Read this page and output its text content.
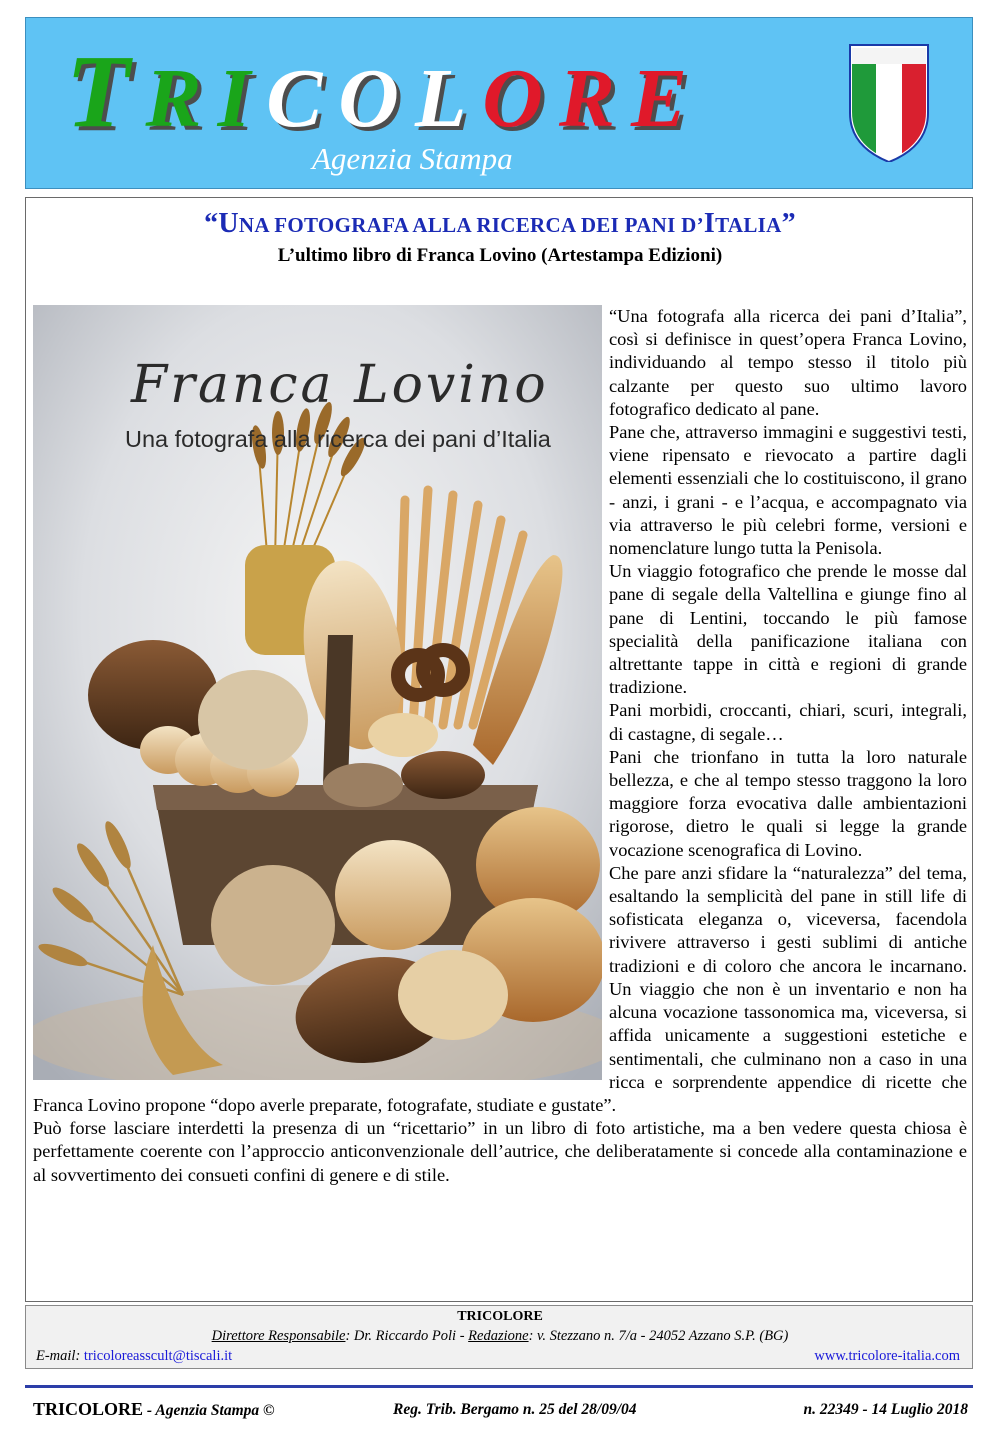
TRICOLORE
Agenzia Stampa
“UNA FOTOGRAFA ALLA RICERCA DEI PANI D’ITALIA”
L’ultimo libro di Franca Lovino (Artestampa Edizioni)
Franca Lovino
Una fotografa alla ricerca dei pani d’Italia

“Una fotografa alla ricerca dei pani d’Italia”, così si definisce in quest’opera Franca Lovino, individuando al tempo stesso il titolo più calzante per questo suo ultimo lavoro fotografico dedicato al pane.

Pane che, attraverso immagini e suggestivi testi, viene ripensato e rievocato a partire dagli elementi essenziali che lo costituiscono, il grano - anzi, i grani - e l’acqua, e accompagnato via via attraverso le più celebri forme, versioni e nomenclature lungo tutta la Penisola.

Un viaggio fotografico che prende le mosse dal pane di segale della Valtellina e giunge fino al pane di Lentini, toccando le più famose specialità della panificazione italiana con altrettante tappe in città e regioni di grande tradizione.

Pani morbidi, croccanti, chiari, scuri, integrali, di castagne, di segale…

Pani che trionfano in tutta la loro naturale bellezza, e che al tempo stesso traggono la loro maggiore forza evocativa dalle ambientazioni rigorose, dietro le quali si legge la grande vocazione scenografica di Lovino.

Che pare anzi sfidare la “naturalezza” del tema, esaltando la semplicità del pane in still life di sofisticata eleganza o, viceversa, facendola rivivere attraverso i gesti sublimi di antiche tradizioni e di coloro che ancora le incarnano. Un viaggio che non è un inventario e non ha alcuna vocazione tassonomica ma, viceversa, si affida unicamente a suggestioni estetiche e sentimentali, che culminano non a caso in una ricca e sorprendente appendice di ricette che Franca Lovino propone “dopo averle preparate, fotografate, studiate e gustate”.

Può forse lasciare interdetti la presenza di un “ricettario” in un libro di foto artistiche, ma a ben vedere questa chiosa è perfettamente coerente con l’approccio anticonvenzionale dell’autrice, che deliberatamente si concede alla contaminazione e al sovvertimento dei consueti confini di genere e di stile.

TRICOLORE
Direttore Responsabile: Dr. Riccardo Poli - Redazione: v. Stezzano n. 7/a - 24052 Azzano S.P. (BG)
E-mail: tricoloreasscult@tiscali.it	www.tricolore-italia.com
TRICOLORE - Agenzia Stampa ©	Reg. Trib. Bergamo n. 25 del 28/09/04	n. 22349 - 14 Luglio 2018
